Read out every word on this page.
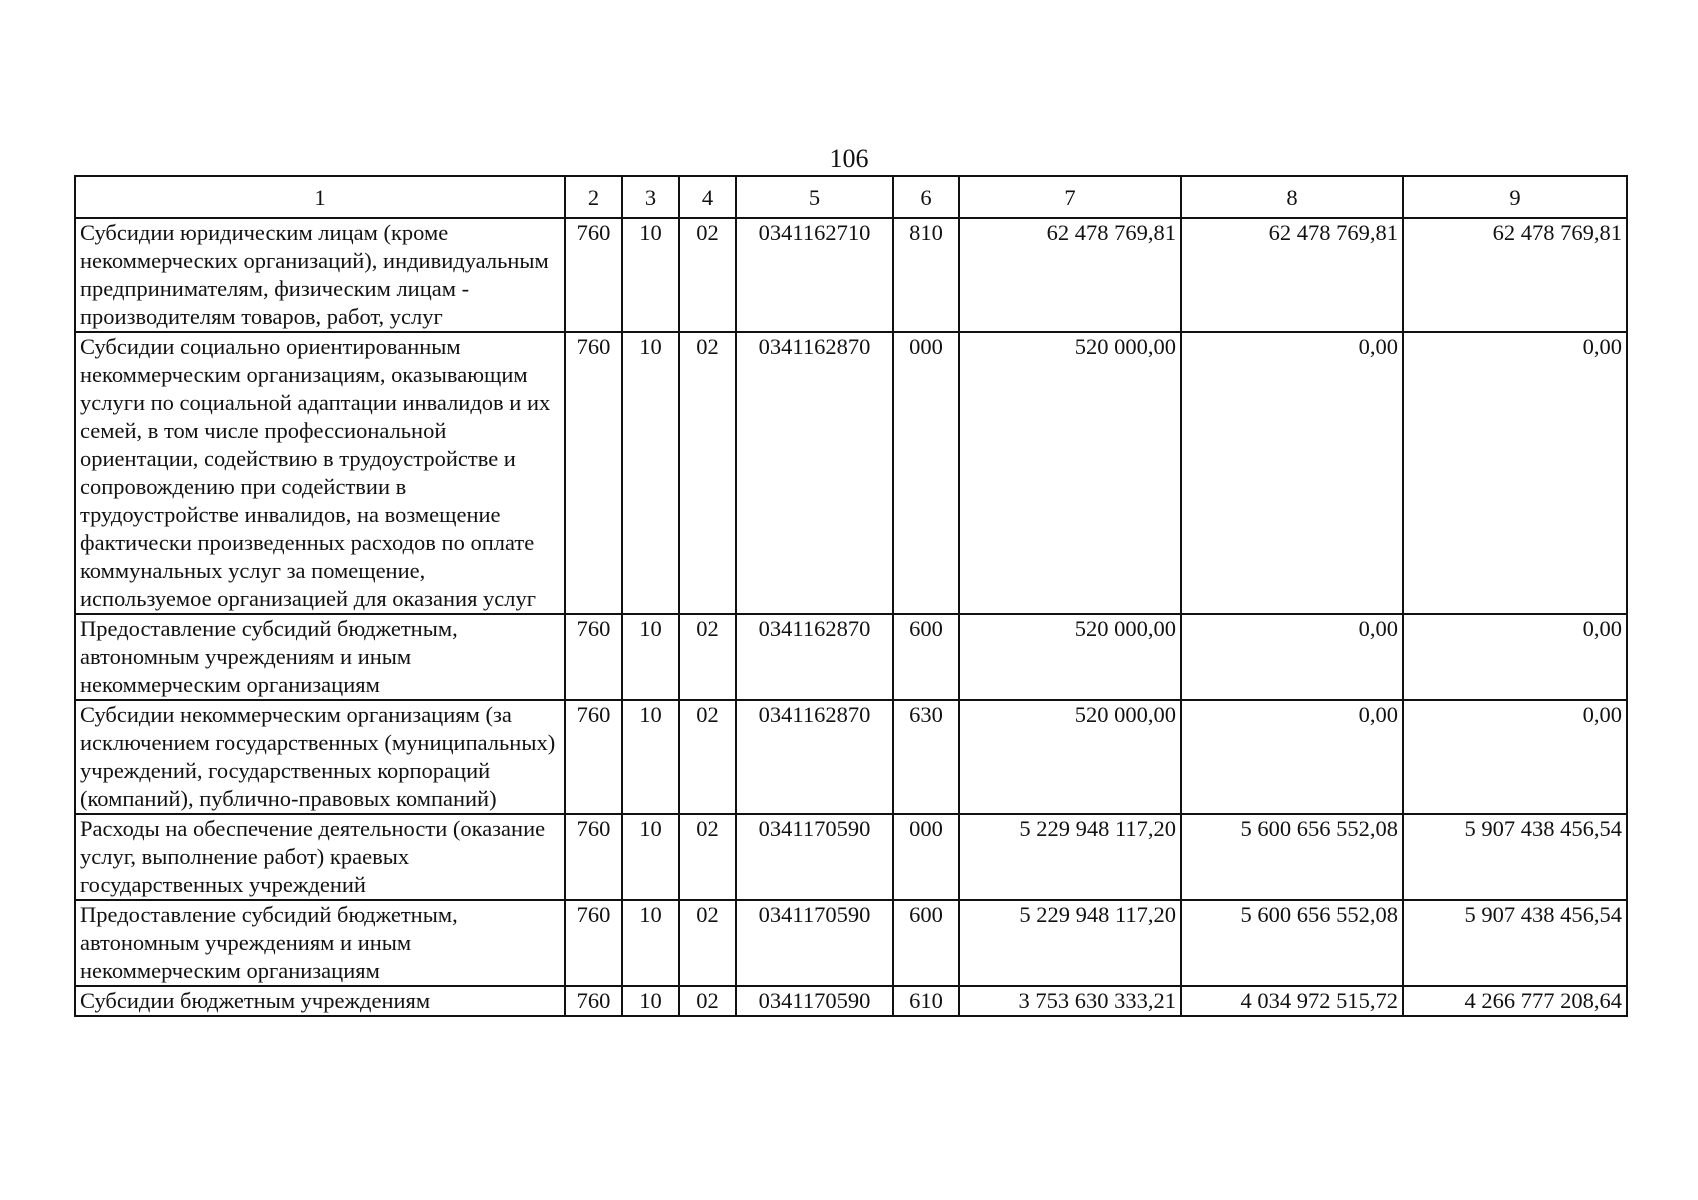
106
1	2	3	4	5	6	7	8	9
Субсидии юридическим лицам (кроме некоммерческих организаций), индивидуальным предпринимателям, физическим лицам - производителям товаров, работ, услуг	760	10	02	0341162710	810	62 478 769,81	62 478 769,81	62 478 769,81
Субсидии социально ориентированным некоммерческим организациям, оказывающим услуги по социальной адаптации инвалидов и их семей, в том числе профессиональной ориентации, содействию в трудоустройстве и сопровождению при содействии в трудоустройстве инвалидов, на возмещение фактически произведенных расходов по оплате коммунальных услуг за помещение, используемое организацией для оказания услуг	760	10	02	0341162870	000	520 000,00	0,00	0,00
Предоставление субсидий бюджетным, автономным учреждениям и иным некоммерческим организациям	760	10	02	0341162870	600	520 000,00	0,00	0,00
Субсидии некоммерческим организациям (за исключением государственных (муниципальных) учреждений, государственных корпораций (компаний), публично-правовых компаний)	760	10	02	0341162870	630	520 000,00	0,00	0,00
Расходы на обеспечение деятельности (оказание услуг, выполнение работ) краевых государственных учреждений	760	10	02	0341170590	000	5 229 948 117,20	5 600 656 552,08	5 907 438 456,54
Предоставление субсидий бюджетным, автономным учреждениям и иным некоммерческим организациям	760	10	02	0341170590	600	5 229 948 117,20	5 600 656 552,08	5 907 438 456,54
Субсидии бюджетным учреждениям	760	10	02	0341170590	610	3 753 630 333,21	4 034 972 515,72	4 266 777 208,64
